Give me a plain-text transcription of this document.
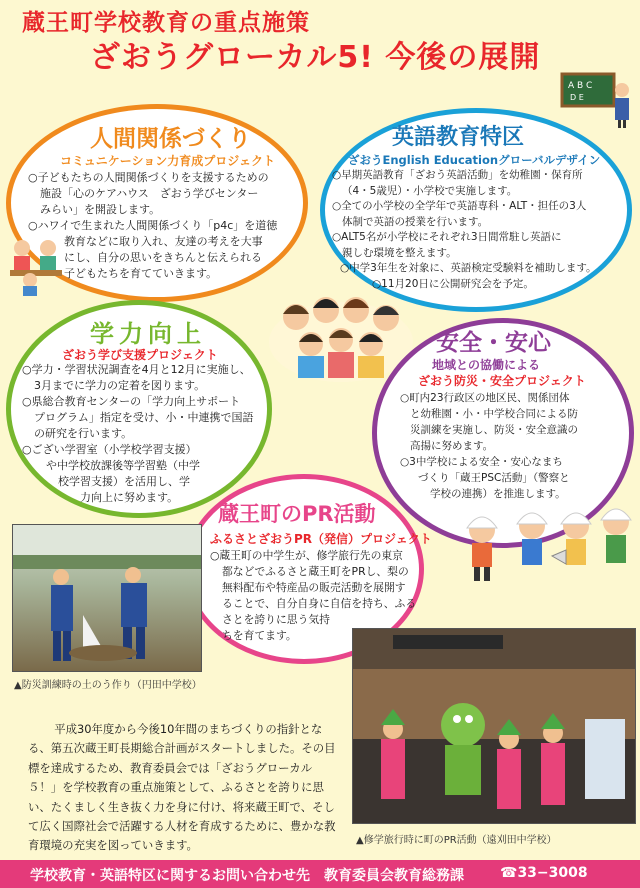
蔵王町学校教育の重点施策
ざおうグローカル5! 今後の展開
A B C
D E
人間関係づくり
コミュニケーション力育成プロジェクト

○子どもたちの人間関係づくりを支援するための

施設「心のケアハウス　ざおう学びセンター

みらい」を開設します。

○ハワイで生まれた人間関係づくり「p4c」を道徳

教育などに取り入れ、友達の考えを大事

にし、自分の思いをきちんと伝えられる

子どもたちを育てていきます。

英語教育特区
ざおうEnglish Educationグローバルデザイン

○早期英語教育「ざおう英語活動」を幼稚園・保育所

（4・5歳児）・小学校で実施します。

○全ての小学校の全学年で英語専科・ALT・担任の3人

体制で英語の授業を行います。

○ALT5名が小学校にそれぞれ3日間常駐し英語に

親しむ環境を整えます。

○中学3年生を対象に、英語検定受験料を補助します。

○11月20日に公開研究会を予定。

学力向上
ざおう学び支援プロジェクト

○学力・学習状況調査を4月と12月に実施し、

3月までに学力の定着を図ります。

○県総合教育センターの「学力向上サポート

プログラム」指定を受け、小・中連携で国語

の研究を行います。

○ござい学習室（小学校学習支援）

や中学校放課後等学習塾（中学

校学習支援）を活用し、学

力向上に努めます。

安全・安心
地域との協働による
ざおう防災・安全プロジェクト

○町内23行政区の地区民、関係団体

と幼稚園・小・中学校合同による防

災訓練を実施し、防災・安全意識の

高揚に努めます。

○3中学校による安全・安心なまち

づくり「蔵王PSC活動」（警察と

学校の連携）を推進します。

蔵王町のPR活動
ふるさとざおうPR（発信）プロジェクト

○蔵王町の中学生が、修学旅行先の東京

都などでふるさと蔵王町をPRし、梨の

無料配布や特産品の販売活動を展開す

ることで、自分自身に自信を持ち、ふる

さとを誇りに思う気持

ちを育てます。

▲防災訓練時の土のう作り（円田中学校）
▲修学旅行時に町のPR活動（遠刈田中学校）
平成30年度から今後10年間のまちづくりの指針となる、第五次蔵王町長期総合計画がスタートしました。その目標を達成するため、教育委員会では「ざおうグローカル５！」を学校教育の重点施策として、ふるさとを誇りに思い、たくましく生き抜く力を身に付け、将来蔵王町で、そして広く国際社会で活躍する人材を育成するために、豊かな教育環境の充実を図っていきます。
学校教育・英語特区に関するお問い合わせ先　教育委員会教育総務課	☎33−3008
